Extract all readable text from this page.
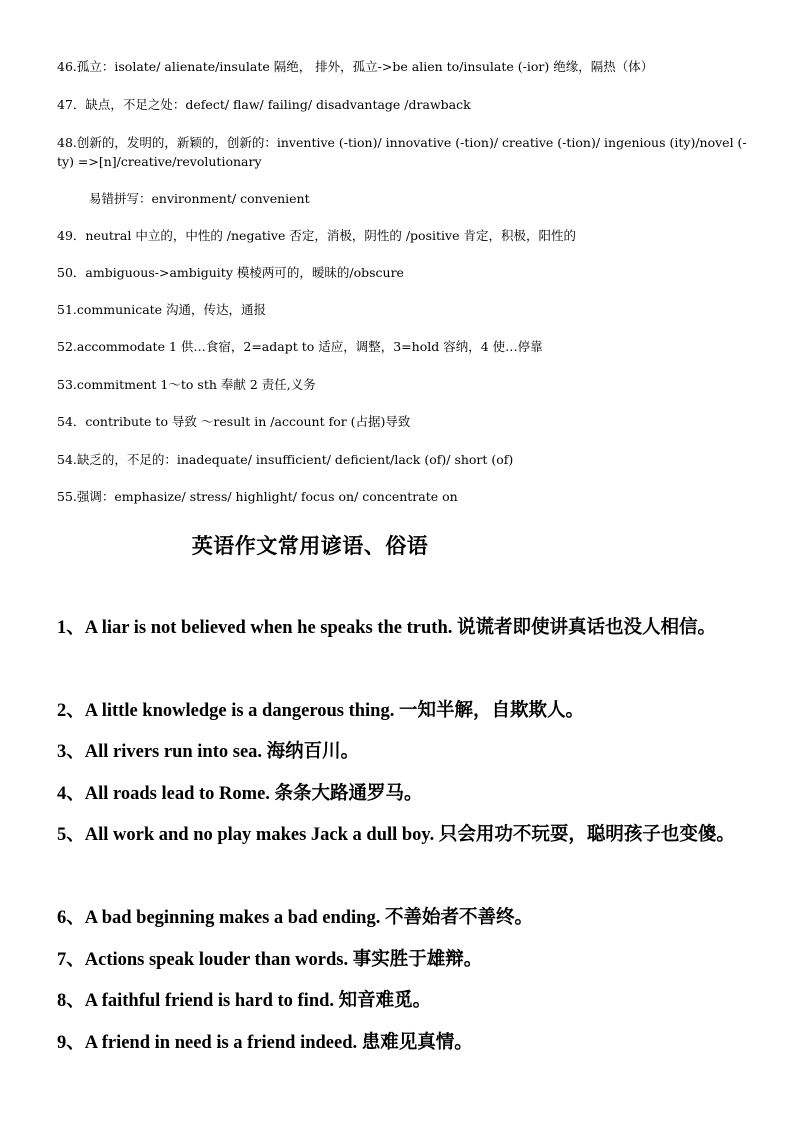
46.孤立：isolate/ alienate/insulate 隔绝， 排外，孤立->be alien to/insulate (-ior) 绝缘，隔热（体）
47．缺点，不足之处：defect/ flaw/ failing/ disadvantage /drawback
48.创新的，发明的，新颖的，创新的：inventive (-tion)/ innovative (-tion)/ creative (-tion)/ ingenious (ity)/novel (-ty) =>[n]/creative/revolutionary
易错拼写：environment/ convenient
49．neutral 中立的，中性的 /negative 否定，消极，阴性的 /positive 肯定，积极，阳性的
50．ambiguous->ambiguity 模棱两可的，暧昧的/obscure
51.communicate 沟通，传达，通报
52.accommodate 1 供…食宿，2=adapt to 适应，调整，3=hold 容纳，4 使…停靠
53.commitment 1～to sth 奉献 2 责任,义务
54．contribute to 导致 ～result in /account for (占据)导致
54.缺乏的，不足的：inadequate/ insufficient/ deficient/lack (of)/ short (of)
55.强调：emphasize/ stress/ highlight/ focus on/ concentrate on
英语作文常用谚语、俗语
1、A liar is not believed when he speaks the truth. 说谎者即使讲真话也没人相信。
2、A little knowledge is a dangerous thing. 一知半解，自欺欺人。
3、All rivers run into sea. 海纳百川。
4、All roads lead to Rome. 条条大路通罗马。
5、All work and no play makes Jack a dull boy. 只会用功不玩耍，聪明孩子也变傻。
6、A bad beginning makes a bad ending. 不善始者不善终。
7、Actions speak louder than words. 事实胜于雄辩。
8、A faithful friend is hard to find. 知音难觅。
9、A friend in need is a friend indeed. 患难见真情。
